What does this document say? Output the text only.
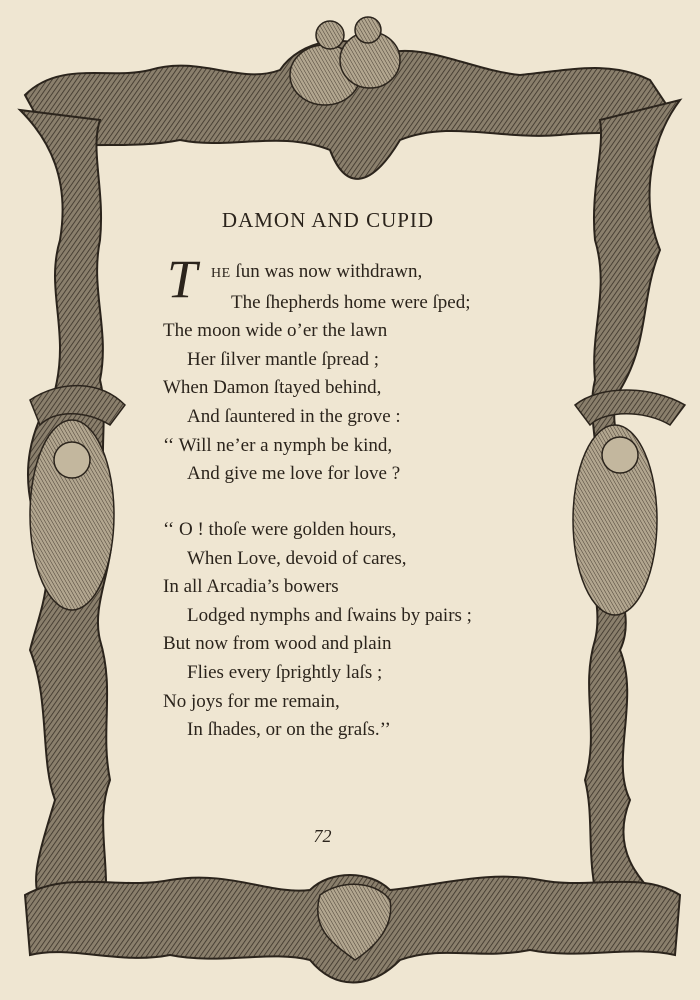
DAMON AND CUPID
T HE ſun was now withdrawn,
The ſhepherds home were ſped;
The moon wide o’er the lawn
Her ſilver mantle ſpread ;
When Damon ſtayed behind,
And ſauntered in the grove :
‘‘ Will ne’er a nymph be kind,
And give me love for love ?
‘‘ O ! thoſe were golden hours,
When Love, devoid of cares,
In all Arcadia’s bowers
Lodged nymphs and ſwains by pairs ;
But now from wood and plain
Flies every ſprightly laſs ;
No joys for me remain,
In ſhades, or on the graſs.’’
72
